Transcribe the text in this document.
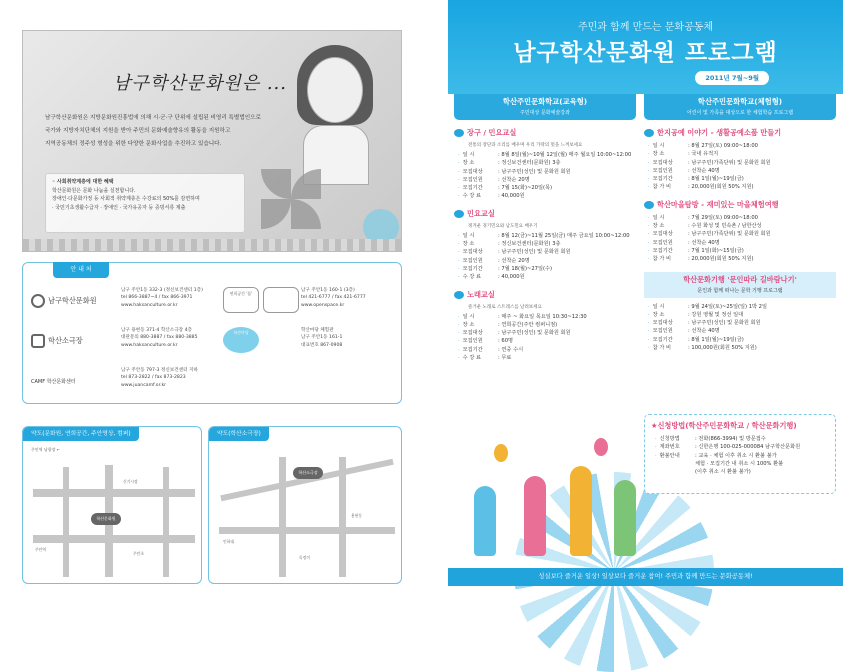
남구학산문화원은 ...

남구학산문화원은 지방문화원진흥법에 의해 시·군·구 단위에 설립된 비영리 특별법인으로

국가와 지방자치단체의 지원을 받아 주민의 문화예술향유의 활동을 지원하고

지역공동체의 정주성 형성을 위한 다양한 문화사업을 추진하고 있습니다.

◦ 사회취약계층에 대한 혜택
학산문화원은 문화 나눔을 실천합니다.
장애인·다문화가정 등 사회적 취약계층은 수강료의 50%를 감면하며
· 국민기초생활수급자 · 장애인 · 국가유공자 등 증빙서류 제출
안 내 처
남구학산문화원
남구 주안1동 332-3 (정신보건센터 1층)
tel 866-3887~4 / fax 866-3971
www.haksanculture.or.kr
학산소극장
남구 용현동 371-4 학산소극장 4층
대관문의 880-3887 / fax 880-3885
www.haksanculture.or.kr
CAMF 학산문화센터
남구 주안동 797-3 정신보건센터 지하
tel 873-2822 / fax 873-2823
www.juancamf.or.kr
연희공간 '틈'
남구 주안1동 160-1 (3층)
tel 421-6777 / fax 421-6777
www.openspace.kr
학산마당	학산마당 체험관
남구 주안1동 161-1
대표번호 867-0908
약도(문화원, 연희공간, 주안영상, 컴퍼)
주안역 남광장 ←
학산문화원
주안역
신기시장
주안초
약도(학산소극장)
학산소극장
인하대
용현동
독정이
주민과 함께 만드는 문화공동체
남구학산문화원 프로그램
2011년 7월~9월
학산주민문화학교(교육형)
주민대상 문화예술강좌
장구 / 민요교실
전통의 장단과 소리를 배우며 우리 가락의 멋을 느껴보세요
· 일 시	: 8월 8일(월)~10월 12일(월) 매주 월요일 10:00~12:00
· 장 소	: 정신보건센터(문화원) 3층
· 모집대상	: 남구주민(성인) 및 문화원 회원
· 모집인원	: 선착순 20명
· 모집기간	: 7월 15(화)~20일(목)
· 수 강 료	: 40,000원
민요교실
정겨운 경기민요와 남도민요 배우기
· 일 시	: 8월 12(금)~11월 25일(금) 매주 금요일 10:00~12:00
· 장 소	: 정신보건센터(문화원) 3층
· 모집대상	: 남구주민(성인) 및 문화원 회원
· 모집인원	: 선착순 20명
· 모집기간	: 7월 18(월)~27일(수)
· 수 강 료	: 40,000원
노래교실
즐거운 노래로 스트레스를 날려보세요
· 일 시	: 매주 ~ 화요일 목요일 10:30~12:30
· 장 소	: 연희공간(주안 컴퍼니점)
· 모집대상	: 남구주민(성인) 및 문화원 회원
· 모집인원	: 60명
· 모집기간	: 연중 수시
· 수 강 료	: 무료
학산주민문화학교(체험형)
어린이 및 가족을 대상으로 한 체험학습 프로그램
한지공예 이야기 - 생활공예소품 만들기
· 일 시	: 8월 27일(토) 09:00~18:00
· 장 소	: 국내 유적지
· 모집대상	: 남구주민(가족단위) 및 문화원 회원
· 모집인원	: 선착순 40명
· 모집기간	: 8월 1일(월)~19일(금)
· 참 가 비	: 20,000원(회원 50% 지원)
학산마을탐방 - 재미있는 마을체험여행
· 일 시	: 7월 29일(토) 09:00~18:00
· 장 소	: 수원 화성 및 민속촌 / 남한산성
· 모집대상	: 남구주민(가족단위) 및 문화원 회원
· 모집인원	: 선착순 40명
· 모집기간	: 7월 1일(화)~15일(금)
· 참 가 비	: 20,000원(회원 50% 지원)
학산문화기행 '문인따라 길바람나기'
문인과 함께 떠나는 문학 기행 프로그램
· 일 시	: 9월 24일(토)~25일(일) 1박 2일
· 장 소	: 강원 영월 및 정선 일대
· 모집대상	: 남구주민(성인) 및 문화원 회원
· 모집인원	: 선착순 40명
· 모집기간	: 8월 1일(월)~19일(금)
· 참 가 비	: 100,000원(회원 50% 지원)
★신청방법(학산주민문화학교 / 학산문화기행)
· 신청방법	: 전화(866-3994) 및 방문접수
· 계좌번호	: 신한은행 100-025-000084 남구학산문화원
· 환불안내	: 교육 · 체험 이후 취소 시 환불 불가
체험 · 모집기간 내 취소 시 100% 환불
(이후 취소 시 환불 불가)
성실보다 즐거운 일상! 일상보다 즐거운 참여! 주민과 함께 만드는 문화공동체!
